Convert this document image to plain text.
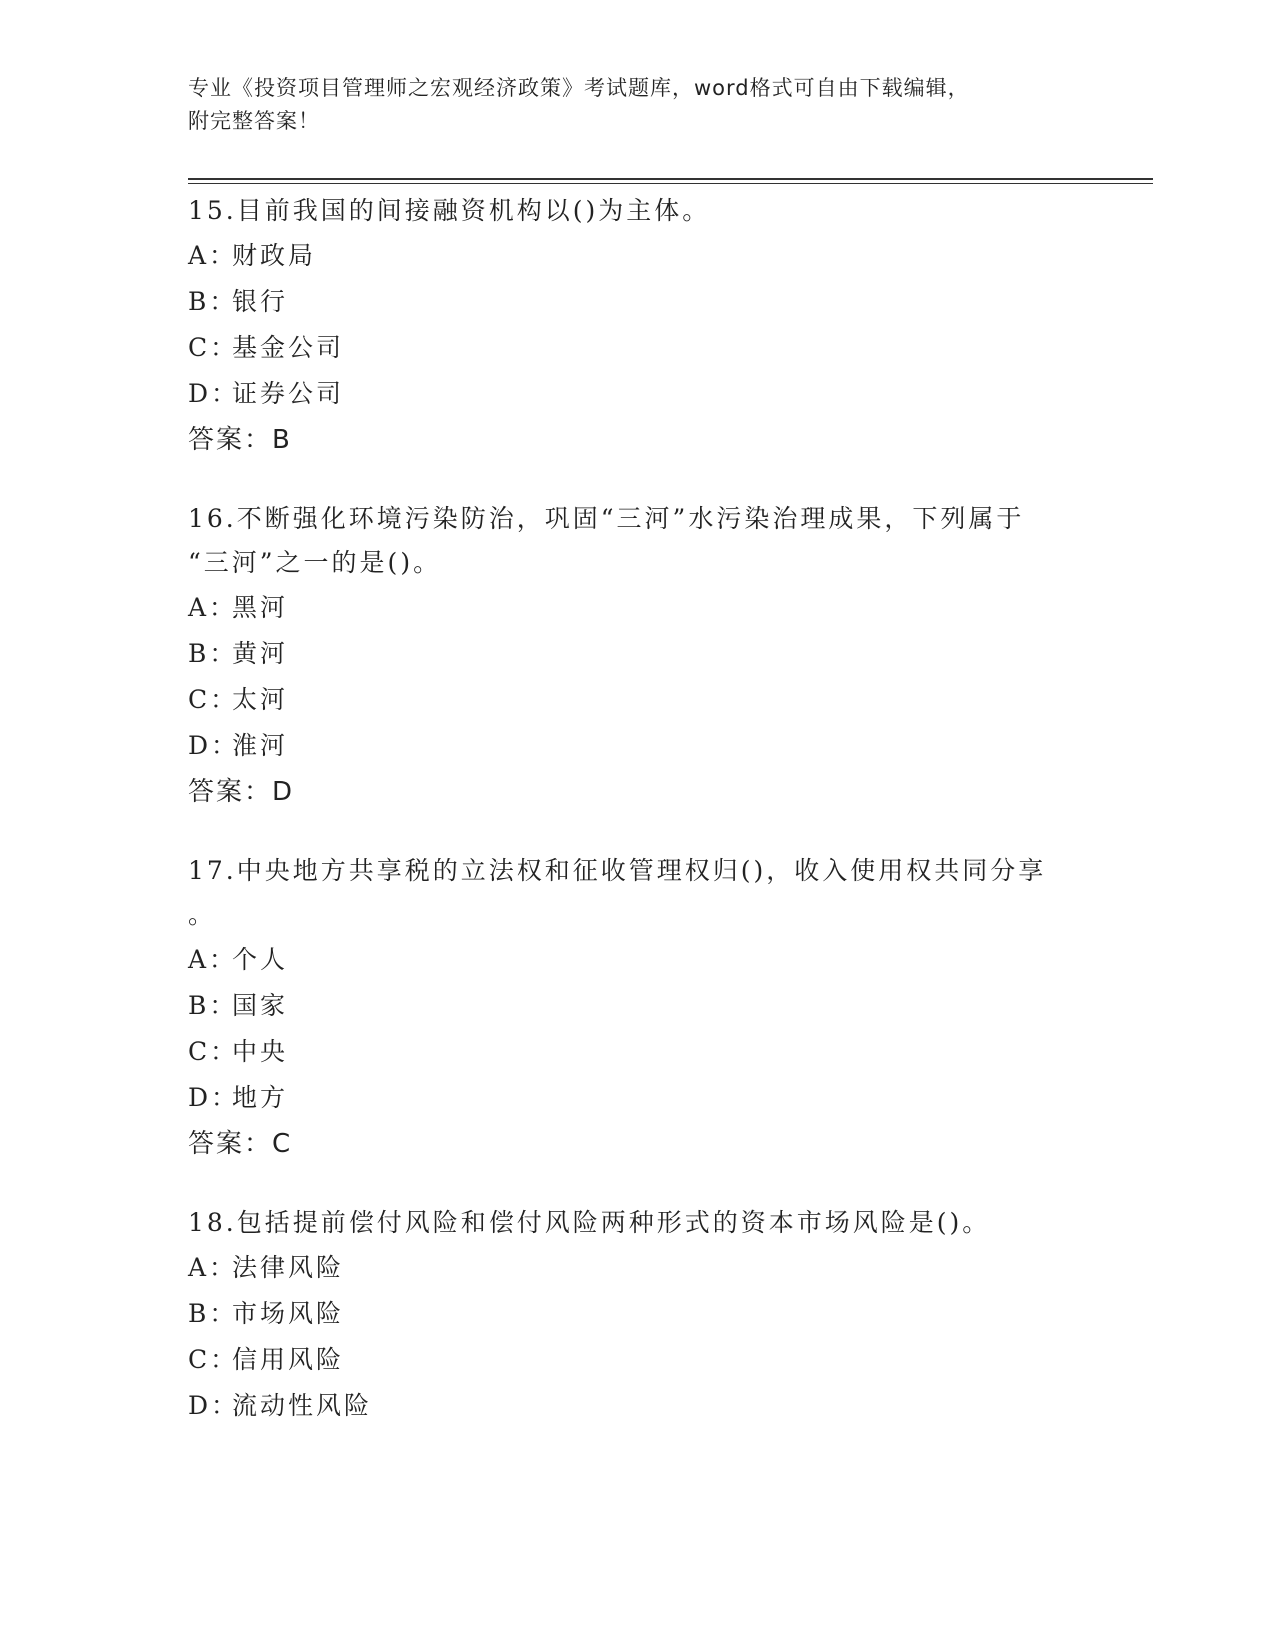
专业《投资项目管理师之宏观经济政策》考试题库，word格式可自由下载编辑，
附完整答案！
15.目前我国的间接融资机构以()为主体。
A：财政局
B：银行
C：基金公司
D：证券公司
答案：B
16.不断强化环境污染防治，巩固“三河”水污染治理成果，下列属于
“三河”之一的是()。
A：黑河
B：黄河
C：太河
D：淮河
答案：D
17.中央地方共享税的立法权和征收管理权归()，收入使用权共同分享
。
A：个人
B：国家
C：中央
D：地方
答案：C
18.包括提前偿付风险和偿付风险两种形式的资本市场风险是()。
A：法律风险
B：市场风险
C：信用风险
D：流动性风险
